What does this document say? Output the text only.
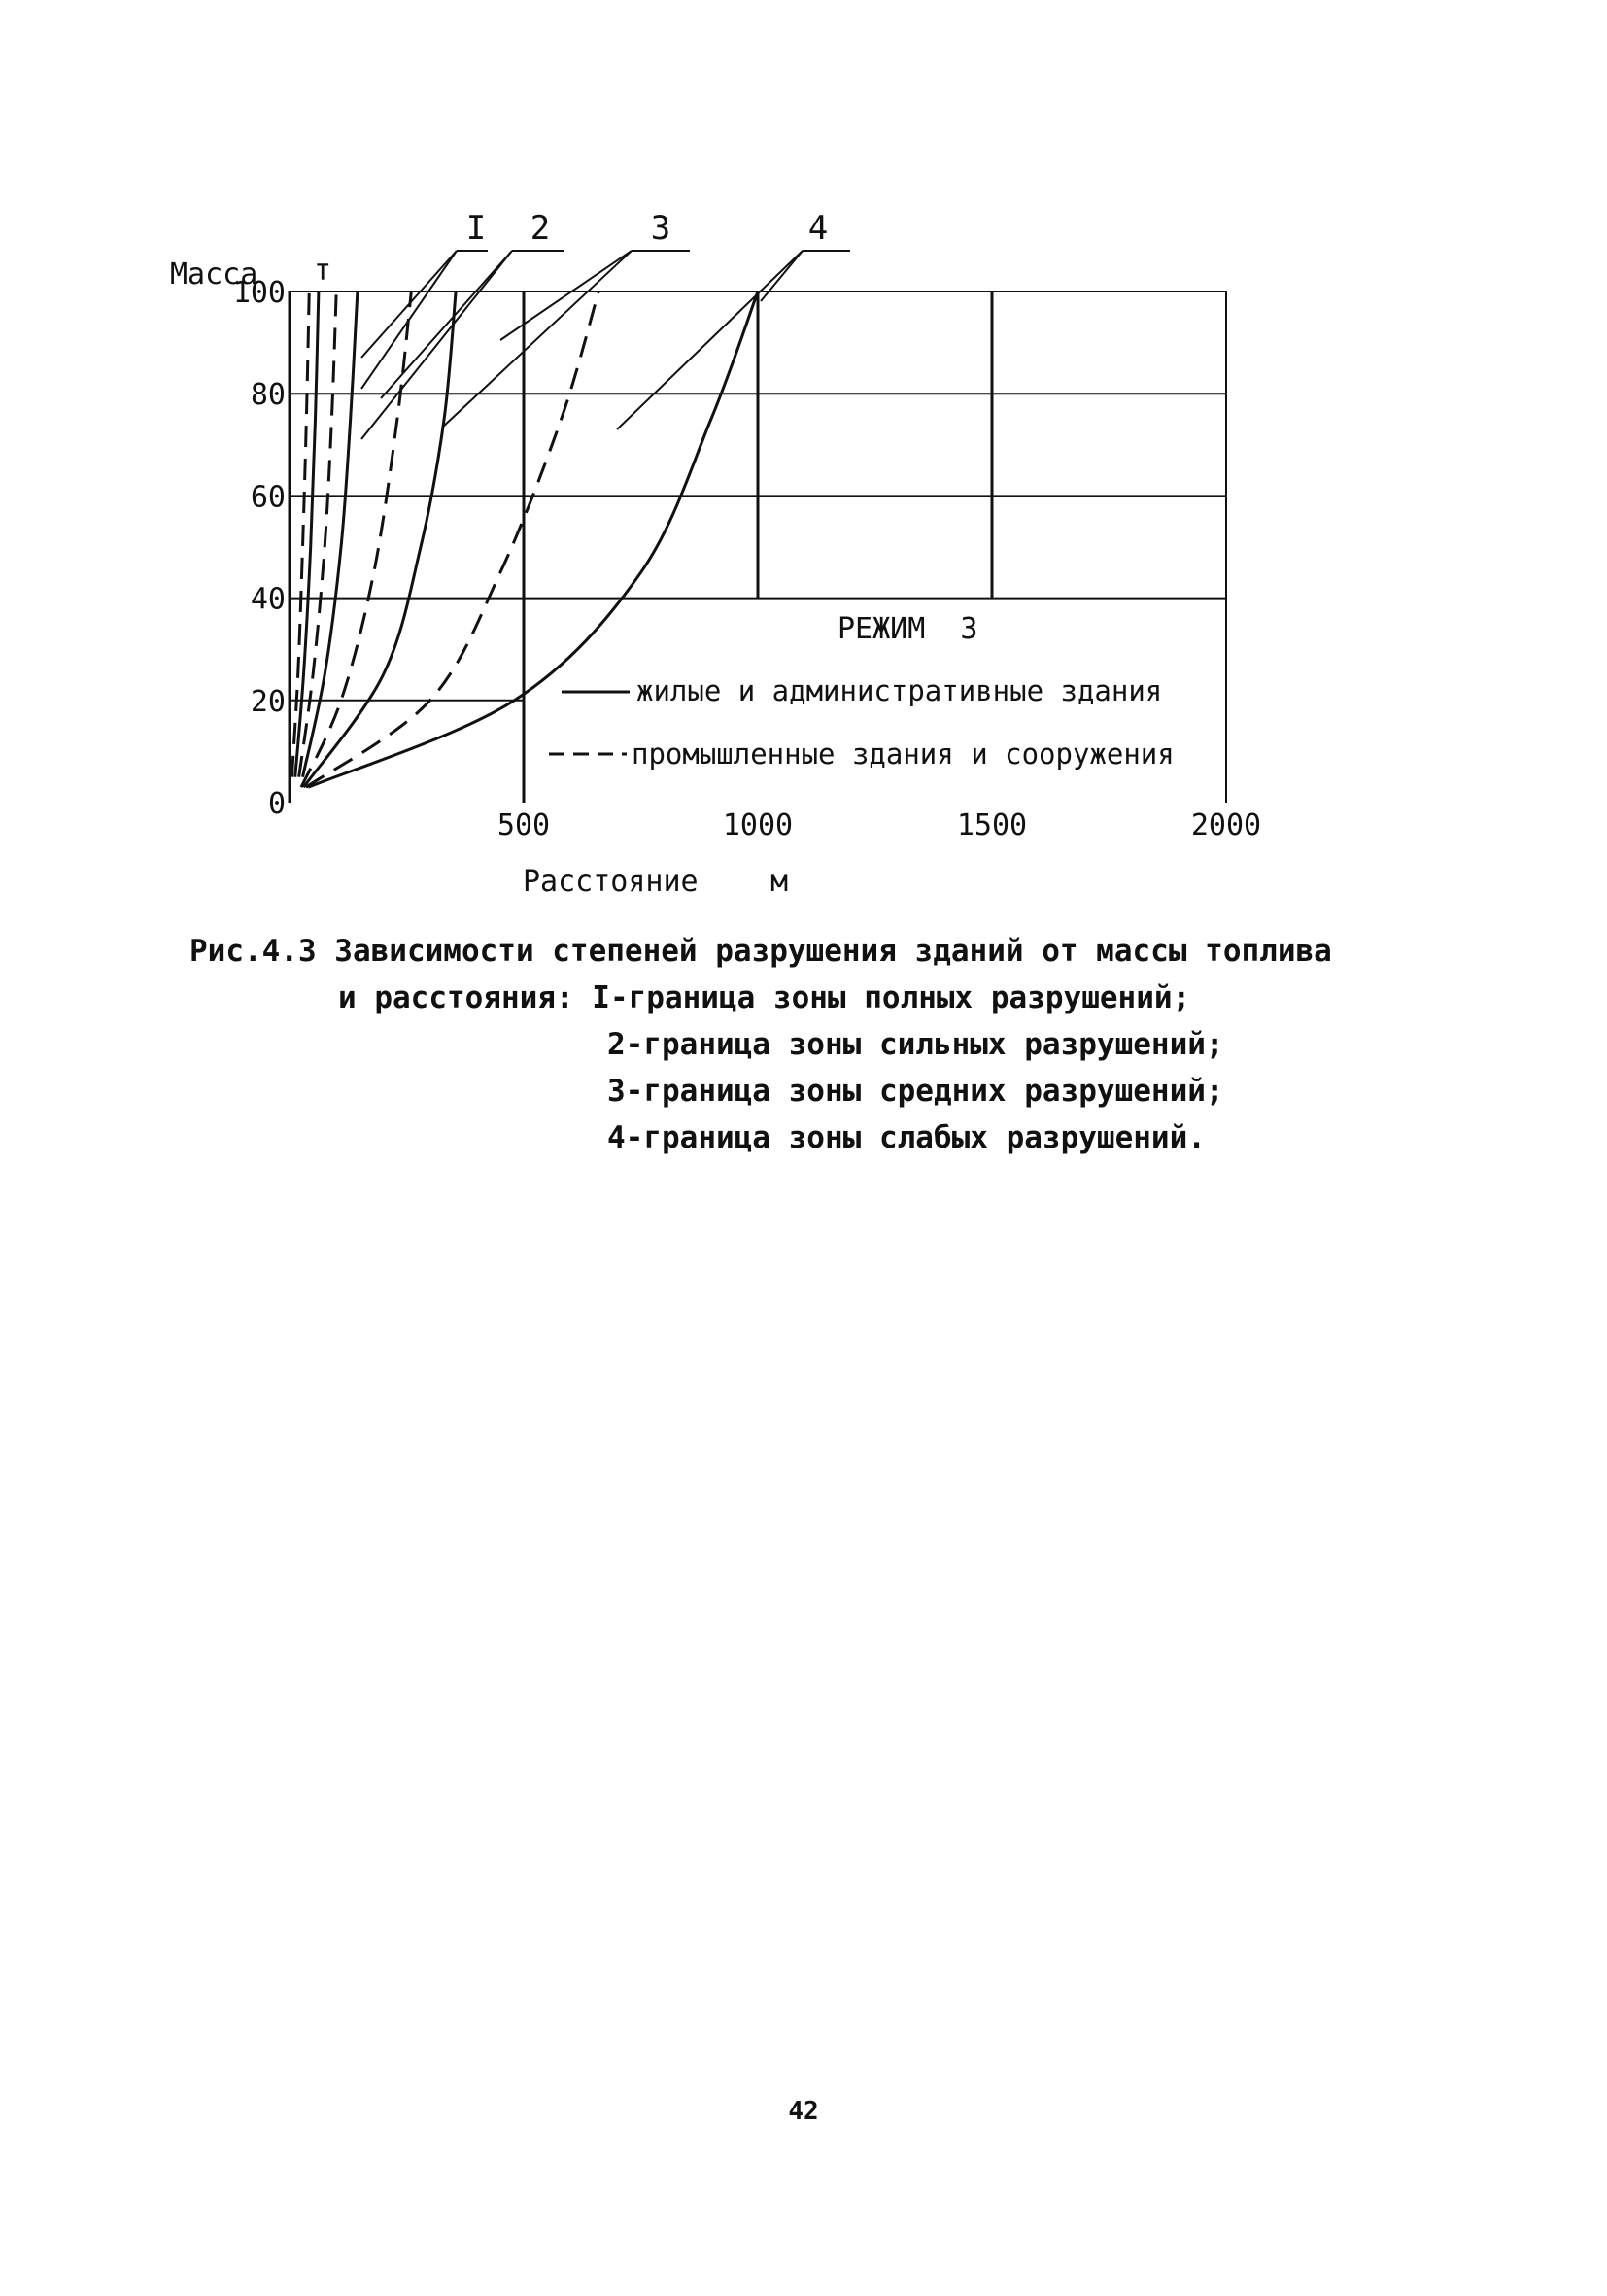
I 2	3	4
Масса т
Расстояние м
РЕЖИМ  3
0
20
40
60
80
100
500	1000	1500	2000
жилые и административные здания
промышленные здания и сооружения
Рис.4.3 Зависимости степеней разрушения зданий от массы топлива
и расстояния: I-граница зоны полных разрушений;
2-граница зоны сильных разрушений;
3-граница зоны средних разрушений;
4-граница зоны слабых разрушений.
42
